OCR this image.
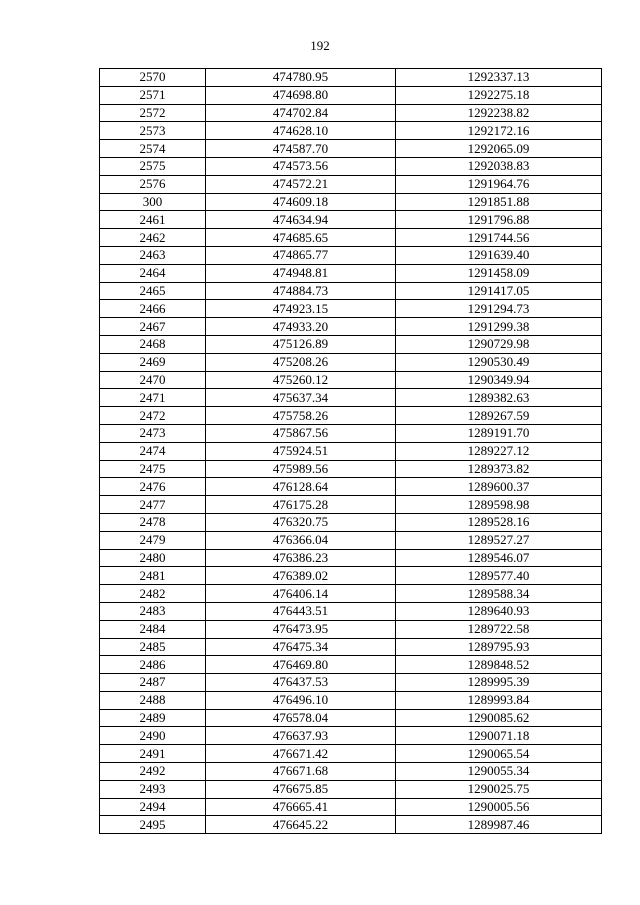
192
2570	474780.95	1292337.13
2571	474698.80	1292275.18
2572	474702.84	1292238.82
2573	474628.10	1292172.16
2574	474587.70	1292065.09
2575	474573.56	1292038.83
2576	474572.21	1291964.76
300	474609.18	1291851.88
2461	474634.94	1291796.88
2462	474685.65	1291744.56
2463	474865.77	1291639.40
2464	474948.81	1291458.09
2465	474884.73	1291417.05
2466	474923.15	1291294.73
2467	474933.20	1291299.38
2468	475126.89	1290729.98
2469	475208.26	1290530.49
2470	475260.12	1290349.94
2471	475637.34	1289382.63
2472	475758.26	1289267.59
2473	475867.56	1289191.70
2474	475924.51	1289227.12
2475	475989.56	1289373.82
2476	476128.64	1289600.37
2477	476175.28	1289598.98
2478	476320.75	1289528.16
2479	476366.04	1289527.27
2480	476386.23	1289546.07
2481	476389.02	1289577.40
2482	476406.14	1289588.34
2483	476443.51	1289640.93
2484	476473.95	1289722.58
2485	476475.34	1289795.93
2486	476469.80	1289848.52
2487	476437.53	1289995.39
2488	476496.10	1289993.84
2489	476578.04	1290085.62
2490	476637.93	1290071.18
2491	476671.42	1290065.54
2492	476671.68	1290055.34
2493	476675.85	1290025.75
2494	476665.41	1290005.56
2495	476645.22	1289987.46
